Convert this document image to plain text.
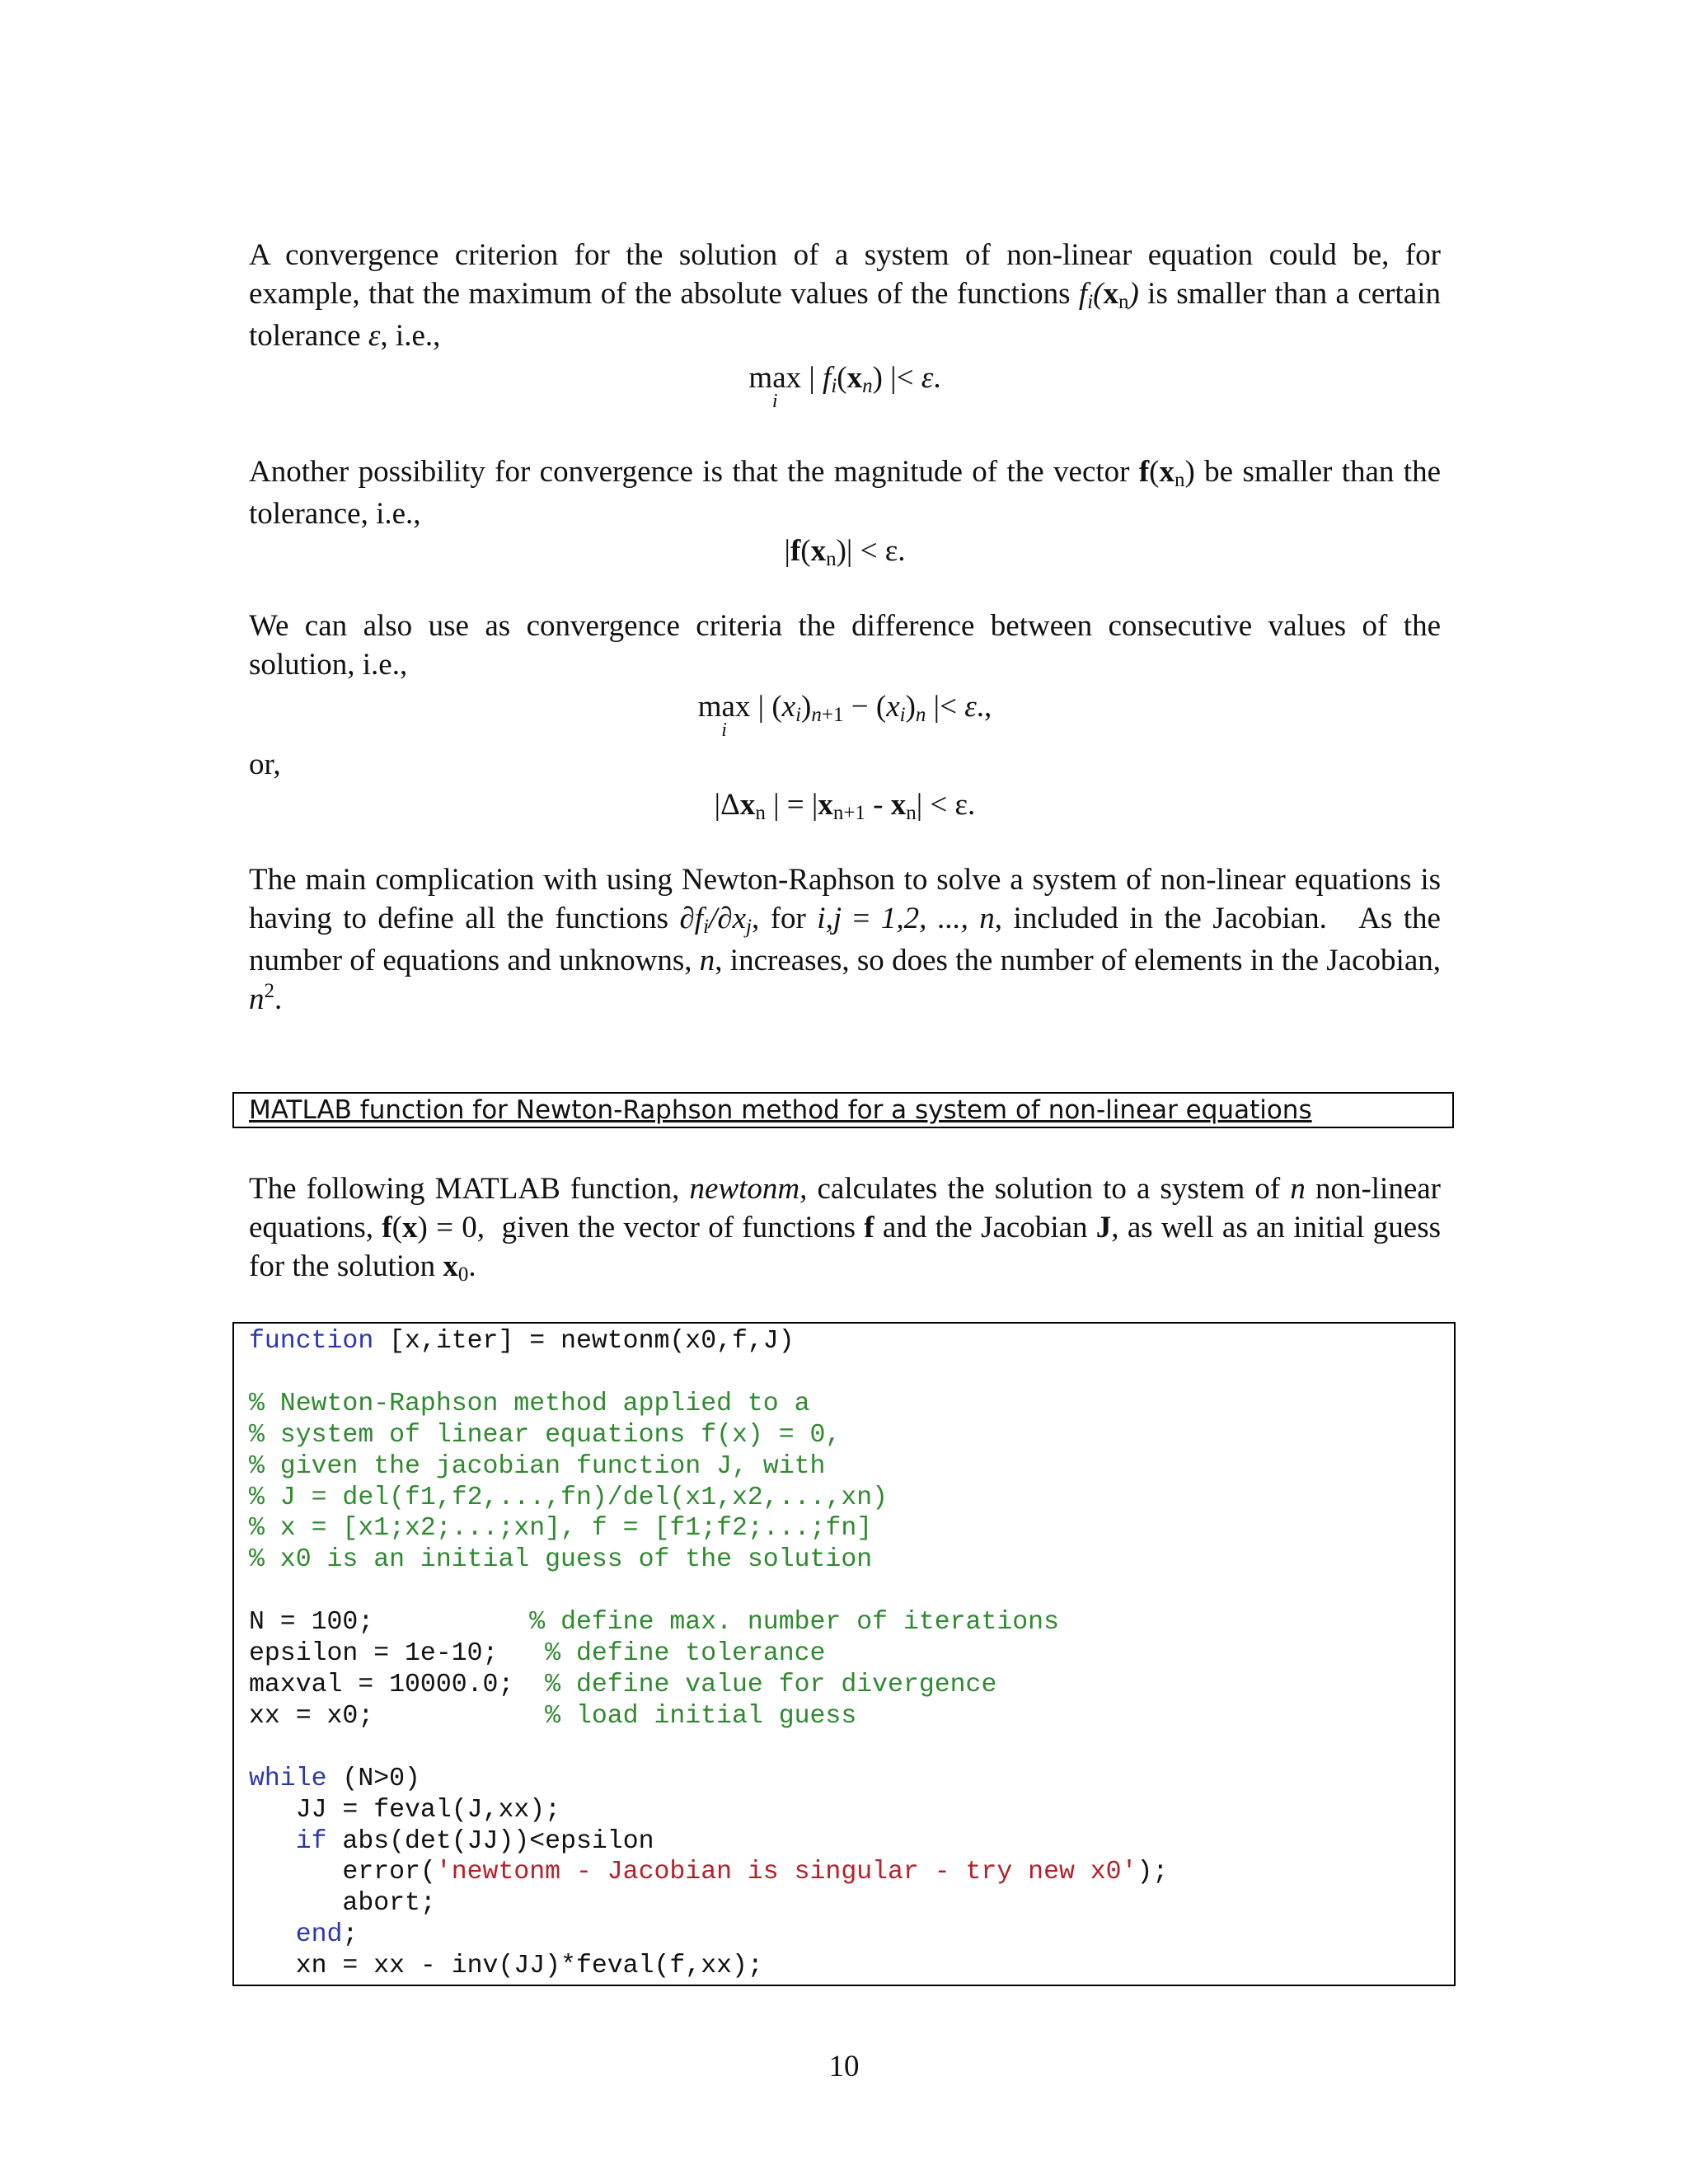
A convergence criterion for the solution of a system of non-linear equation could be, for example, that the maximum of the absolute values of the functions fi(xn) is smaller than a certain tolerance ε, i.e.,

max
i
| fi(xn) |< ε.

Another possibility for convergence is that the magnitude of the vector f(xn) be smaller than the tolerance, i.e.,

|f(xn)| < ε.

We can also use as convergence criteria the difference between consecutive values of the solution, i.e.,

max
i
| (xi)n+1 − (xi)n |< ε.,

or,

|Δxn | = |xn+1 - xn| < ε.

The main complication with using Newton-Raphson to solve a system of non-linear equations is having to define all the functions ∂fi/∂xj, for i,j = 1,2, ..., n, included in the Jacobian.   As the number of equations and unknowns, n, increases, so does the number of elements in the Jacobian, $n^2$.

MATLAB function for Newton-Raphson method for a system of non-linear equations

The following MATLAB function, newtonm, calculates the solution to a system of n non-linear equations, f(x) = 0,  given the vector of functions f and the Jacobian J, as well as an initial guess for the solution x0.

function [x,iter] = newtonm(x0,f,J)

% Newton-Raphson method applied to a
% system of linear equations f(x) = 0,
% given the jacobian function J, with
% J = del(f1,f2,...,fn)/del(x1,x2,...,xn)
% x = [x1;x2;...;xn], f = [f1;f2;...;fn]
% x0 is an initial guess of the solution

N = 100;	% define max. number of iterations
epsilon = 1e-10;   % define tolerance
maxval = 10000.0;  % define value for divergence
xx = x0;	% load initial guess

while (N>0)
JJ = feval(J,xx);
if abs(det(JJ))<epsilon
error('newtonm - Jacobian is singular - try new x0');
abort;
end;
xn = xx - inv(JJ)*feval(f,xx);
10
